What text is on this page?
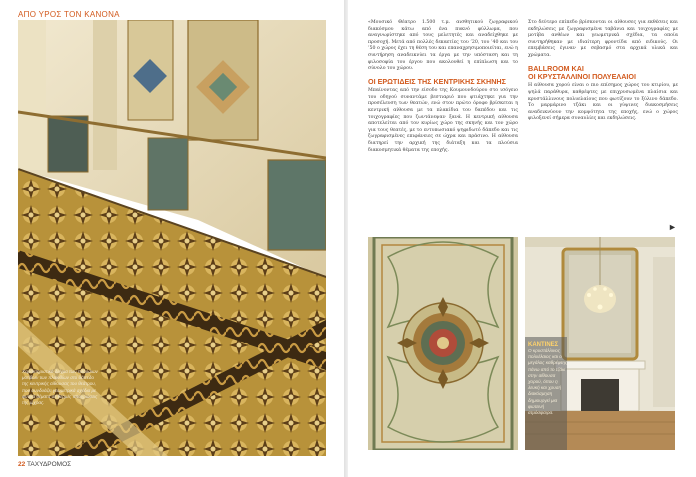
ΑΠΟ ΥΡΟΣ ΤΟΝ ΚΑΝΟΝΑ

Χαρακτηριστικό δείγμα των πλούσιων μοτίβων των πλακιδίων στο δάπεδο της κεντρικής αίθουσας του θεάτρου, που συνδυάζει γεωμετρικά σχέδια με φυτικά θέματα σε θερμές αποχρώσεις της ώχρας.

22 ΤΑΧΥΔΡΟΜΟΣ

«Μουσικό Θέατρο 1.500 τ.μ. αισθητικού ζωγραφικού διακόσμου κάτω από ένα πυκνό φύλλωμα, που αναγνωρίστηκε από τους μελετητές και αναδείχθηκε με προσοχή. Μετά από πολλές δεκαετίες του ’20, του ’40 και του ’50 ο χώρος έχει τη θέση του και επαναχρησιμοποιείται, ενώ η συντήρηση αναδεικνύει τα έργα με την υπόσταση και τη φιλοσοφία του έργου που ακολουθεί η επίπλωση και το σύνολο του χώρου.

ΟΙ ΕΡΩΤΙΔΕΙΣ ΤΗΣ ΚΕΝΤΡΙΚΗΣ ΣΚΗΝΗΣ

Μπαίνοντας από την είσοδο της Κουμουνδούρου στο ισόγειο του οδηγού συναντάμε βεστιαριό που φτιάχτηκε για την προσέλευση των θεατών, ενώ στον πρώτο όροφο βρίσκεται η κεντρική αίθουσα με τα πλακίδια του δαπέδου και τις τοιχογραφίες που ζωντάνεψαν ξανά. Η κεντρική αίθουσα αποτελείται από τον κυρίως χώρο της σκηνής και τον χώρο για τους θεατές, με το εντυπωσιακό ψηφιδωτό δάπεδο και τις ζωγραφισμένες επιφάνειες σε ώχρα και πράσινο. Η αίθουσα διατηρεί την αρχική της διάταξη και τα πλούσια διακοσμητικά θέματα της εποχής.

Στο δεύτερο επίπεδο βρίσκονται οι αίθουσες για εκθέσεις και εκδηλώσεις με ζωγραφισμένα ταβάνια και τοιχογραφίες με μοτίβα ανθέων και γεωμετρικά σχέδια, τα οποία συντηρήθηκαν με ιδιαίτερη φροντίδα από ειδικούς. Οι επεμβάσεις έγιναν με σεβασμό στα αρχικά υλικά και χρώματα.

BALLROOM ΚΑΙ
ΟΙ ΚΡΥΣΤΑΛΛΙΝΟΙ ΠΟΛΥΕΛΑΙΟΙ

Η αίθουσα χορού είναι ο πιο επίσημος χώρος του κτιρίου, με ψηλά παράθυρα, καθρέφτες με επιχρυσωμένα πλαίσια και κρυστάλλινους πολυελαίους που φωτίζουν το ξύλινο δάπεδο. Το μαρμάρινο τζάκι και οι γύψινες διακοσμήσεις αναδεικνύουν την κομψότητα της εποχής, ενώ ο χώρος φιλοξενεί σήμερα συναυλίες και εκδηλώσεις.

►
ΚΑΝΤΙΝΕΣ
Ο κρυστάλλινος πολυέλαιος και ο μεγάλος καθρέφτης πάνω από το τζάκι στην αίθουσα χορού, όπου η λευκή και χρυσή διακόσμηση δημιουργεί μια φωτεινή ατμόσφαιρα.
